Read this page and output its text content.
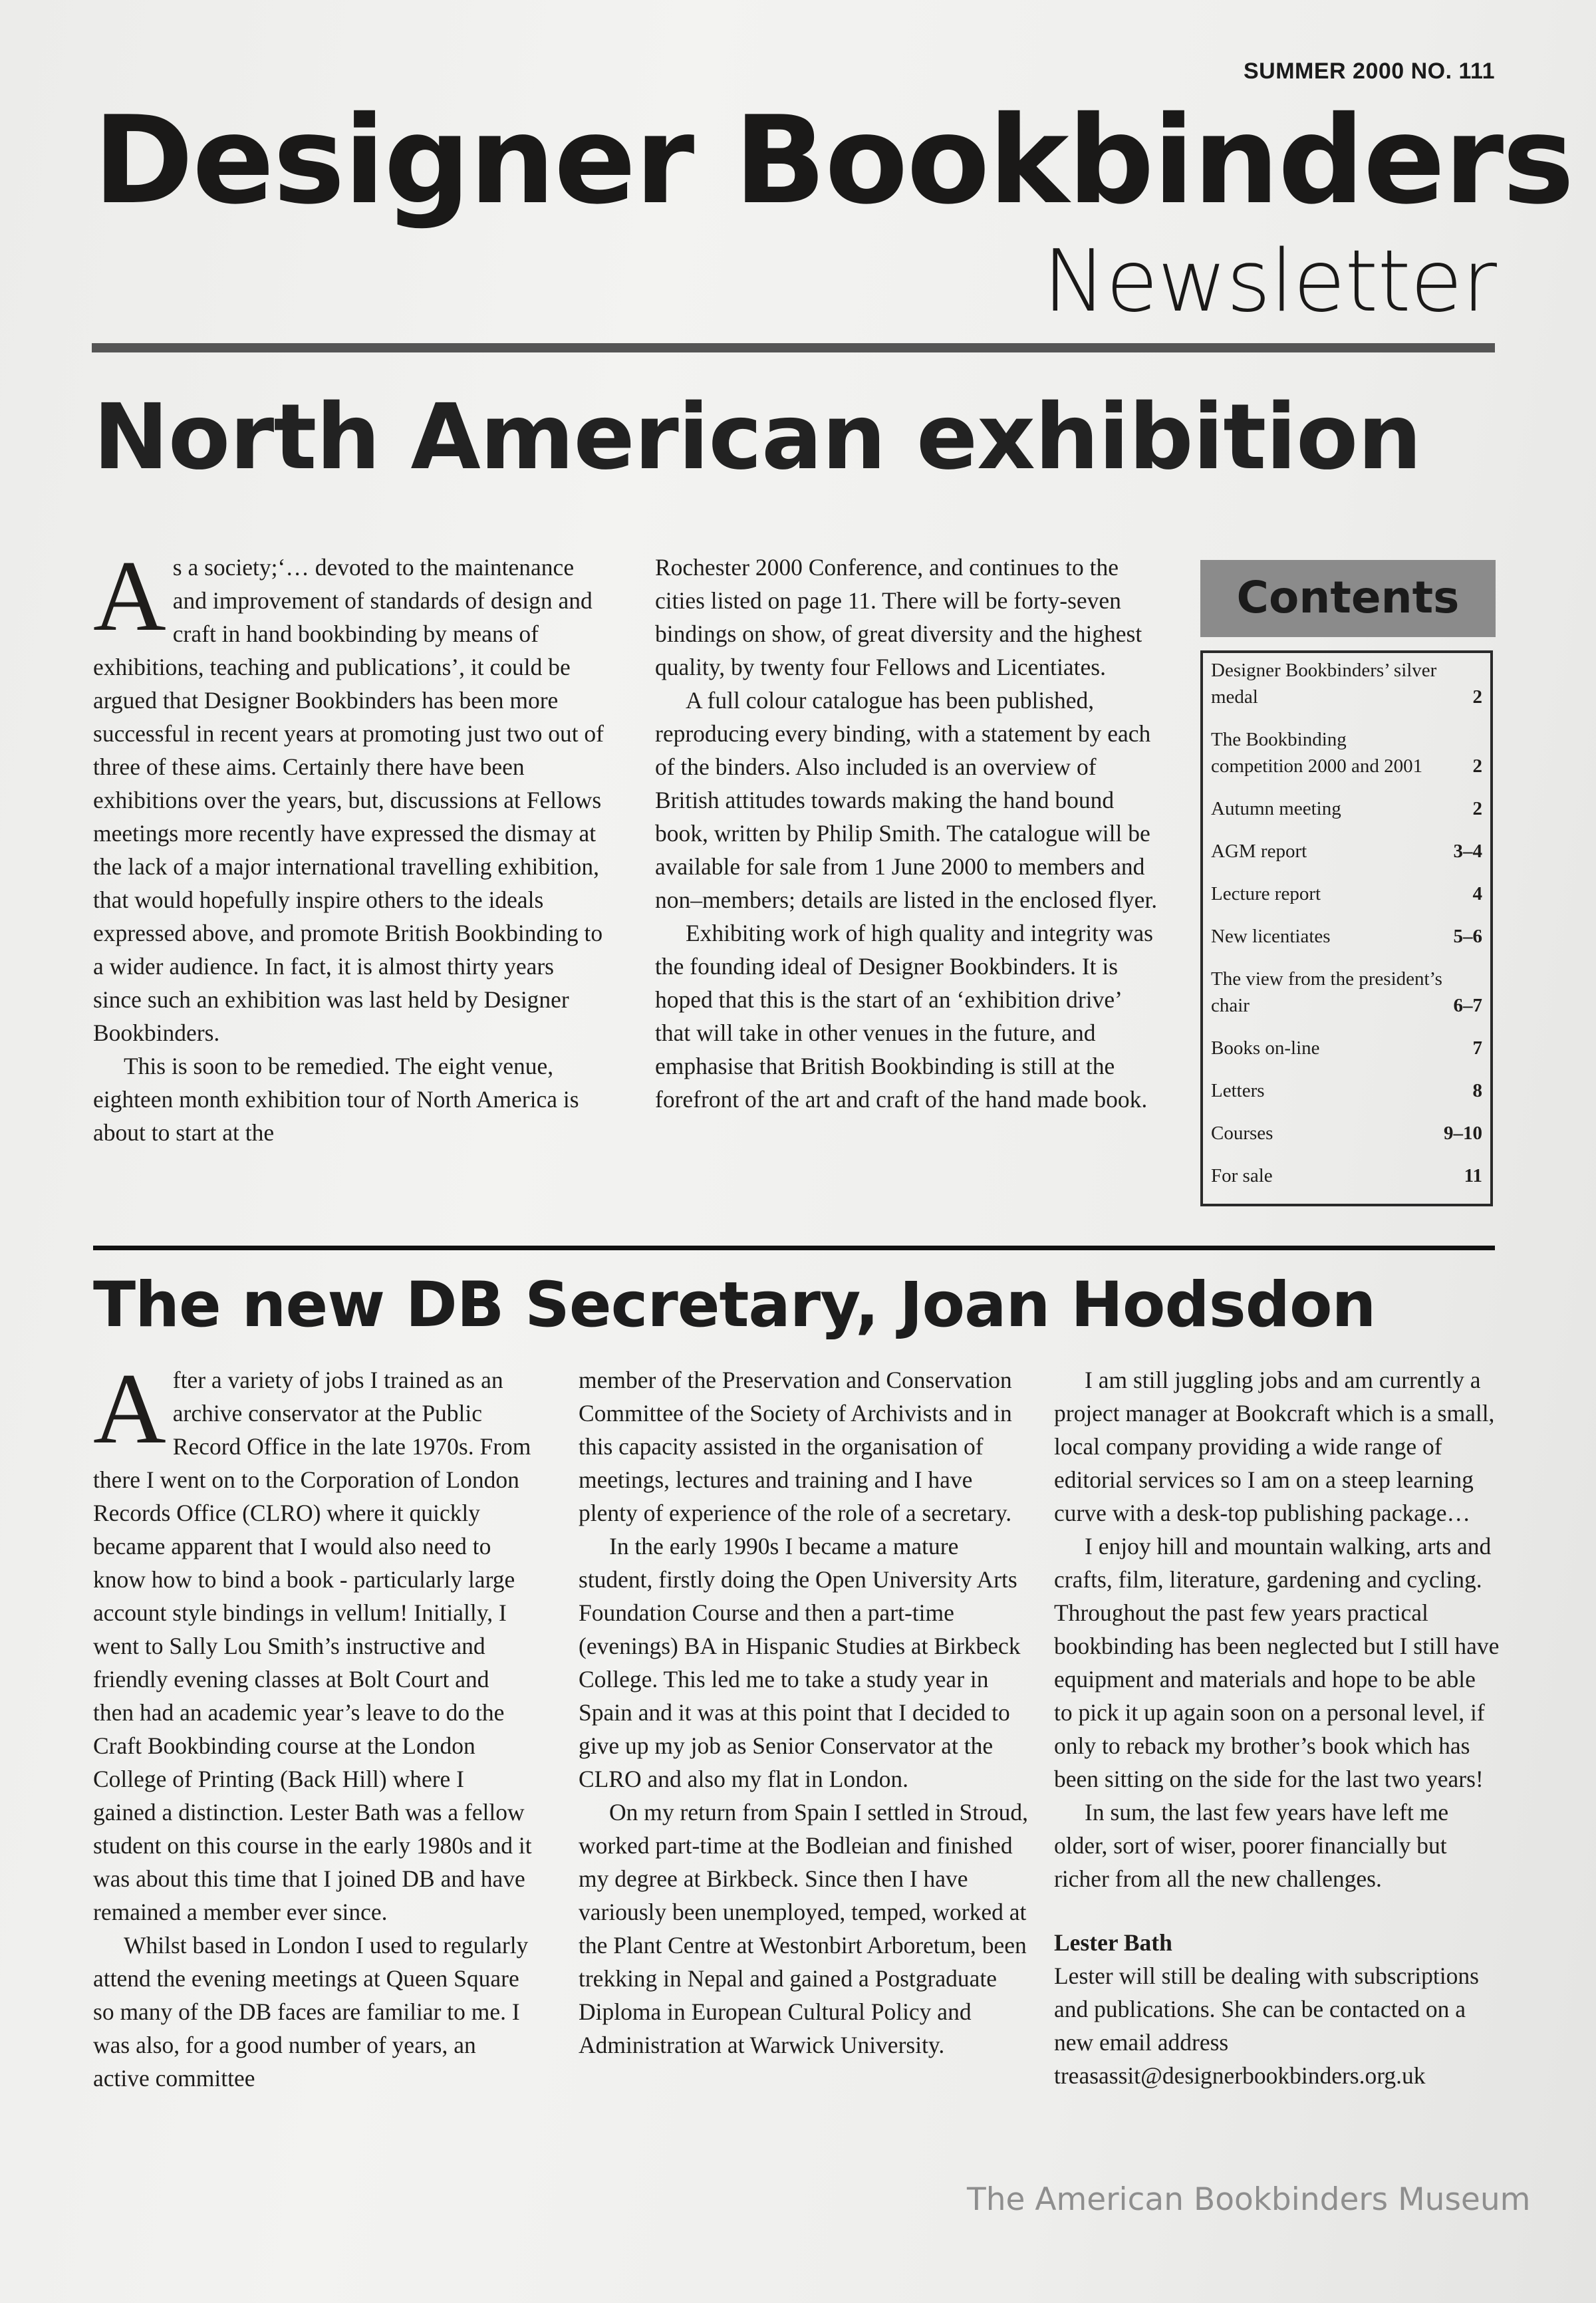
SUMMER 2000 NO. 111
Designer Bookbinders
Newsletter
North American exhibition

As a society;‘… devoted to the maintenance and improvement of standards of design and craft in hand bookbinding by means of exhibitions, teaching and publications’, it could be argued that Designer Bookbinders has been more successful in recent years at promoting just two out of three of these aims. Certainly there have been exhibitions over the years, but, discussions at Fellows meetings more recently have expressed the dismay at the lack of a major international travelling exhibition, that would hopefully inspire others to the ideals expressed above, and promote British Bookbinding to a wider audience. In fact, it is almost thirty years since such an exhibition was last held by Designer Bookbinders.

This is soon to be remedied. The eight venue, eighteen month exhibition tour of North America is about to start at the

Rochester 2000 Conference, and continues to the cities listed on page 11. There will be forty-seven bindings on show, of great diversity and the highest quality, by twenty four Fellows and Licentiates.

A full colour catalogue has been published, reproducing every binding, with a statement by each of the binders. Also included is an overview of British attitudes towards making the hand bound book, written by Philip Smith. The catalogue will be available for sale from 1 June 2000 to members and non–members; details are listed in the enclosed flyer.

Exhibiting work of high quality and integrity was the founding ideal of Designer Bookbinders. It is hoped that this is the start of an ‘exhibition drive’ that will take in other venues in the future, and emphasise that British Bookbinding is still at the forefront of the art and craft of the hand made book.

Contents
Designer Bookbinders’ silver medal	2
The Bookbinding competition 2000 and 2001	2
Autumn meeting	2
AGM report	3–4
Lecture report	4
New licentiates	5–6
The view from the president’s chair	6–7
Books on-line	7
Letters	8
Courses	9–10
For sale	11
The new DB Secretary, Joan Hodsdon

After a variety of jobs I trained as an archive conservator at the Public Record Office in the late 1970s. From there I went on to the Corporation of London Records Office (CLRO) where it quickly became apparent that I would also need to know how to bind a book - particularly large account style bindings in vellum! Initially, I went to Sally Lou Smith’s instructive and friendly evening classes at Bolt Court and then had an academic year’s leave to do the Craft Bookbinding course at the London College of Printing (Back Hill) where I gained a distinction. Lester Bath was a fellow student on this course in the early 1980s and it was about this time that I joined DB and have remained a member ever since.

Whilst based in London I used to regularly attend the evening meetings at Queen Square so many of the DB faces are familiar to me. I was also, for a good number of years, an active committee

member of the Preservation and Conservation Committee of the Society of Archivists and in this capacity assisted in the organisation of meetings, lectures and training and I have plenty of experience of the role of a secretary.

In the early 1990s I became a mature student, firstly doing the Open University Arts Foundation Course and then a part-time (evenings) BA in Hispanic Studies at Birkbeck College. This led me to take a study year in Spain and it was at this point that I decided to give up my job as Senior Conservator at the CLRO and also my flat in London.

On my return from Spain I settled in Stroud, worked part-time at the Bodleian and finished my degree at Birkbeck. Since then I have variously been unemployed, temped, worked at the Plant Centre at Westonbirt Arboretum, been trekking in Nepal and gained a Postgraduate Diploma in European Cultural Policy and Administration at Warwick University.

I am still juggling jobs and am currently a project manager at Bookcraft which is a small, local company providing a wide range of editorial services so I am on a steep learning curve with a desk-top publishing package…

I enjoy hill and mountain walking, arts and crafts, film, literature, gardening and cycling. Throughout the past few years practical bookbinding has been neglected but I still have equipment and materials and hope to be able to pick it up again soon on a personal level, if only to reback my brother’s book which has been sitting on the side for the last two years!

In sum, the last few years have left me older, sort of wiser, poorer financially but richer from all the new challenges.

Lester Bath

Lester will still be dealing with subscriptions and publications. She can be contacted on a new email address treasassit@designerbookbinders.org.uk

The American Bookbinders Museum
